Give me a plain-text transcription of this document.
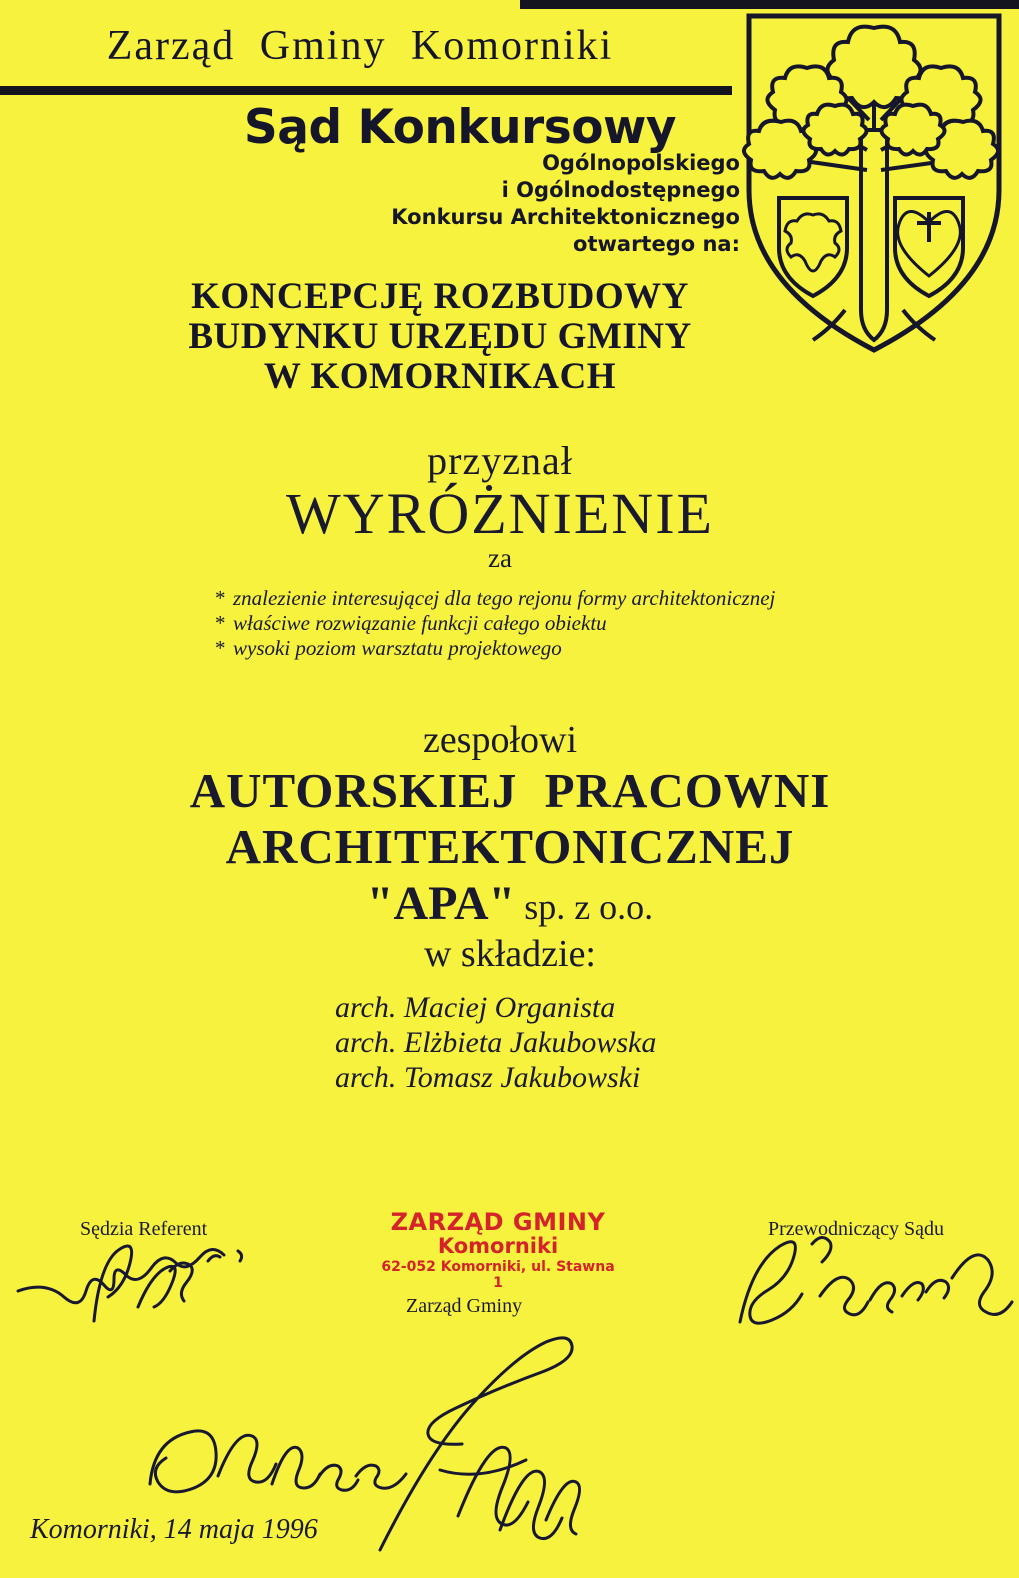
Zarząd Gminy Komorniki
Sąd Konkursowy
Ogólnopolskiego
i Ogólnodostępnego
Konkursu Architektonicznego
otwartego na:
KONCEPCJĘ ROZBUDOWY
BUDYNKU URZĘDU GMINY
W KOMORNIKACH
przyznał
WYRÓŻNIENIE
za
* znalezienie interesującej dla tego rejonu formy architektonicznej
* właściwe rozwiązanie funkcji całego obiektu
* wysoki poziom warsztatu projektowego
zespołowi
AUTORSKIEJ PRACOWNI
ARCHITEKTONICZNEJ
"APA" sp. z o.o.
w składzie:
arch. Maciej Organista
arch. Elżbieta Jakubowska
arch. Tomasz Jakubowski
Sędzia Referent	Przewodniczący Sądu
Zarząd Gminy
ZARZĄD GMINY
Komorniki
62-052 Komorniki, ul. Stawna 1
Komorniki, 14 maja 1996
